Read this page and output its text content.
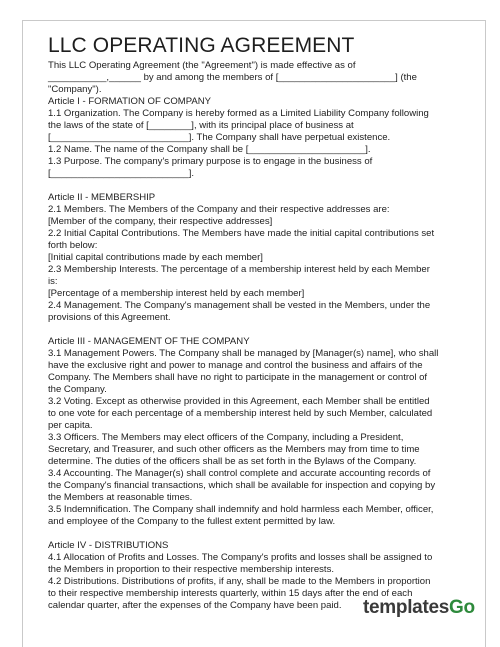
LLC OPERATING AGREEMENT

This LLC Operating Agreement (the "Agreement") is made effective as of

___________,______ by and among the members of [______________________] (the

"Company").

Article I - FORMATION OF COMPANY

1.1 Organization. The Company is hereby formed as a Limited Liability Company following

the laws of the state of [________], with its principal place of business at

[__________________________]. The Company shall have perpetual existence.

1.2 Name. The name of the Company shall be [______________________].

1.3 Purpose. The company's primary purpose is to engage in the business of

[__________________________].

Article II - MEMBERSHIP

2.1 Members. The Members of the Company and their respective addresses are:

[Member of the company, their respective addresses]

2.2 Initial Capital Contributions. The Members have made the initial capital contributions set

forth below:

[Initial capital contributions made by each member]

2.3 Membership Interests. The percentage of a membership interest held by each Member

is:

[Percentage of a membership interest held by each member]

2.4 Management. The Company's management shall be vested in the Members, under the

provisions of this Agreement.

Article III - MANAGEMENT OF THE COMPANY

3.1 Management Powers. The Company shall be managed by [Manager(s) name], who shall

have the exclusive right and power to manage and control the business and affairs of the

Company. The Members shall have no right to participate in the management or control of

the Company.

3.2 Voting. Except as otherwise provided in this Agreement, each Member shall be entitled

to one vote for each percentage of a membership interest held by such Member, calculated

per capita.

3.3 Officers. The Members may elect officers of the Company, including a President,

Secretary, and Treasurer, and such other officers as the Members may from time to time

determine. The duties of the officers shall be as set forth in the Bylaws of the Company.

3.4 Accounting. The Manager(s) shall control complete and accurate accounting records of

the Company's financial transactions, which shall be available for inspection and copying by

the Members at reasonable times.

3.5 Indemnification. The Company shall indemnify and hold harmless each Member, officer,

and employee of the Company to the fullest extent permitted by law.

Article IV - DISTRIBUTIONS

4.1 Allocation of Profits and Losses. The Company's profits and losses shall be assigned to

the Members in proportion to their respective membership interests.

4.2 Distributions. Distributions of profits, if any, shall be made to the Members in proportion

to their respective membership interests quarterly, within 15 days after the end of each

calendar quarter, after the expenses of the Company have been paid.	templatesGo
